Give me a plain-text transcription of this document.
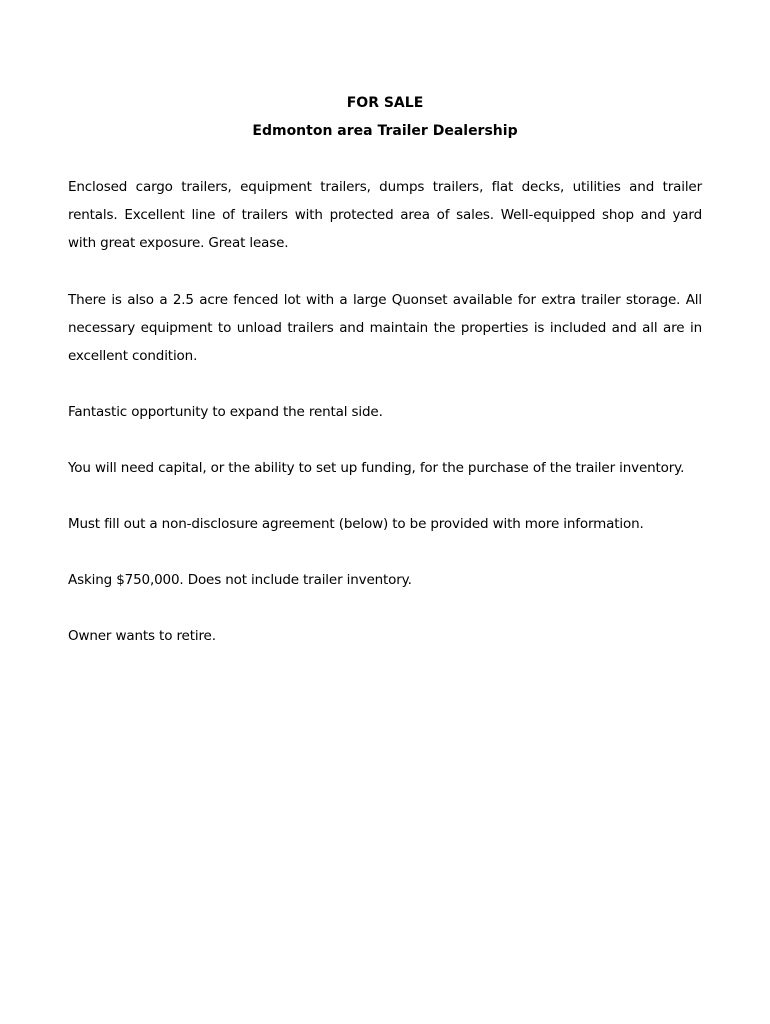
FOR SALE
Edmonton area Trailer Dealership

Enclosed cargo trailers, equipment trailers, dumps trailers, flat decks, utilities and trailer
rentals. Excellent line of trailers with protected area of sales. Well-equipped shop and yard
with great exposure. Great lease.

There is also a 2.5 acre fenced lot with a large Quonset available for extra trailer storage. All
necessary equipment to unload trailers and maintain the properties is included and all are in
excellent condition.

Fantastic opportunity to expand the rental side.

You will need capital, or the ability to set up funding, for the purchase of the trailer inventory.

Must fill out a non-disclosure agreement (below) to be provided with more information.

Asking $750,000. Does not include trailer inventory.

Owner wants to retire.
